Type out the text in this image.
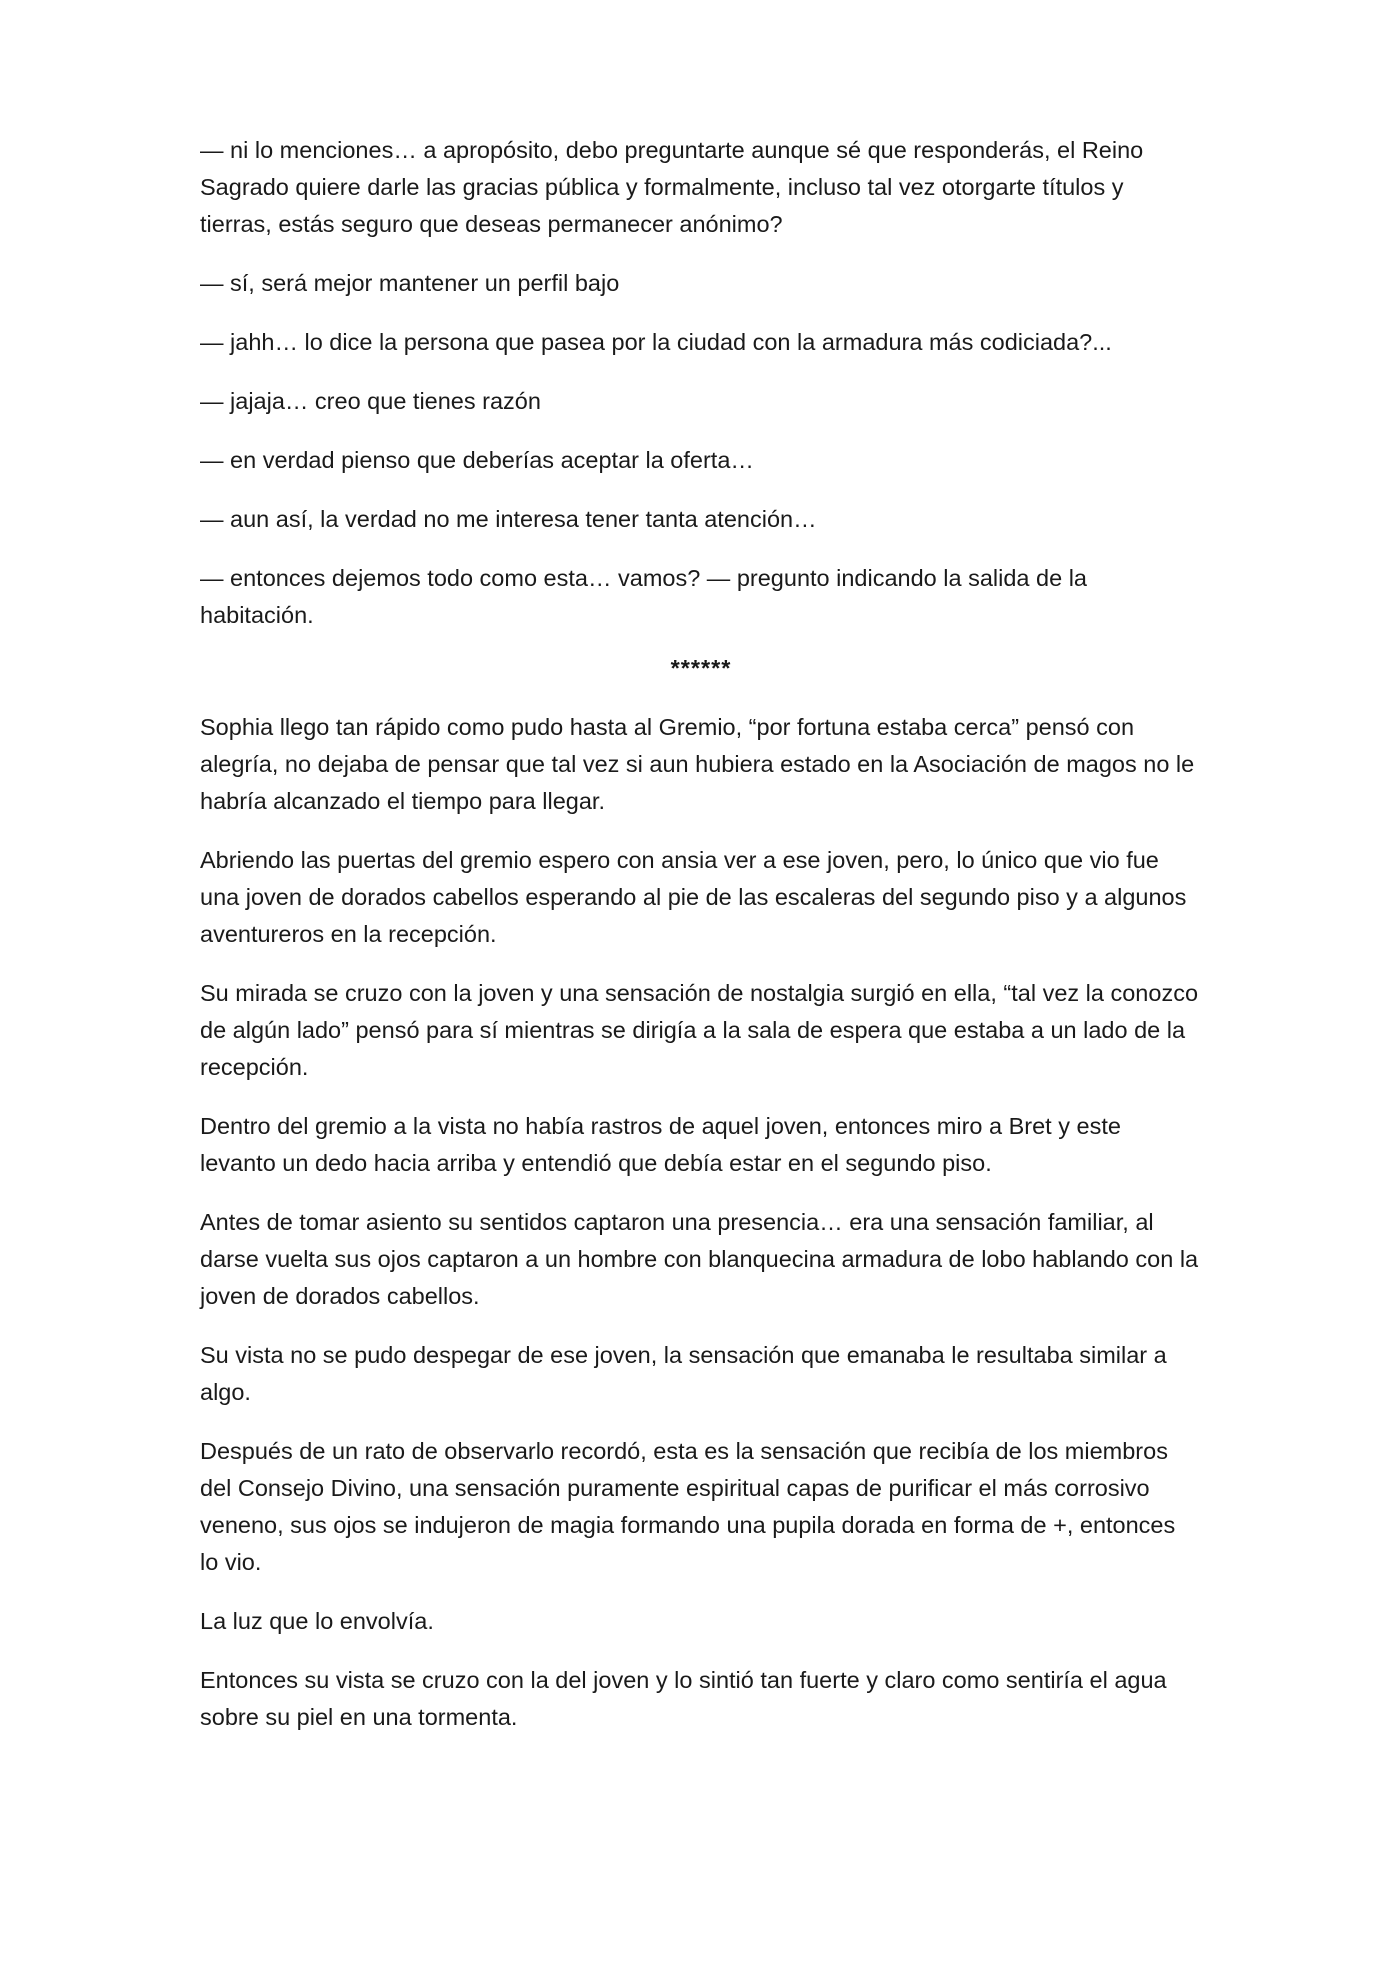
— ni lo menciones… a apropósito, debo preguntarte aunque sé que responderás, el Reino Sagrado quiere darle las gracias pública y formalmente, incluso tal vez otorgarte títulos y tierras, estás seguro que deseas permanecer anónimo?

— sí, será mejor mantener un perfil bajo

— jahh… lo dice la persona que pasea por la ciudad con la armadura más codiciada?...

— jajaja… creo que tienes razón

— en verdad pienso que deberías aceptar la oferta…

— aun así, la verdad no me interesa tener tanta atención…

— entonces dejemos todo como esta… vamos? — pregunto indicando la salida de la habitación.

******

Sophia llego tan rápido como pudo hasta al Gremio, “por fortuna estaba cerca” pensó con alegría, no dejaba de pensar que tal vez si aun hubiera estado en la Asociación de magos no le habría alcanzado el tiempo para llegar.

Abriendo las puertas del gremio espero con ansia ver a ese joven, pero, lo único que vio fue una joven de dorados cabellos esperando al pie de las escaleras del segundo piso y a algunos aventureros en la recepción.

Su mirada se cruzo con la joven y una sensación de nostalgia surgió en ella, “tal vez la conozco de algún lado” pensó para sí mientras se dirigía a la sala de espera que estaba a un lado de la recepción.

Dentro del gremio a la vista no había rastros de aquel joven, entonces miro a Bret y este levanto un dedo hacia arriba y entendió que debía estar en el segundo piso.

Antes de tomar asiento su sentidos captaron una presencia… era una sensación familiar, al darse vuelta sus ojos captaron a un hombre con blanquecina armadura de lobo hablando con la joven de dorados cabellos.

Su vista no se pudo despegar de ese joven, la sensación que emanaba le resultaba similar a algo.

Después de un rato de observarlo recordó, esta es la sensación que recibía de los miembros del Consejo Divino, una sensación puramente espiritual capas de purificar el más corrosivo veneno, sus ojos se indujeron de magia formando una pupila dorada en forma de +, entonces lo vio.

La luz que lo envolvía.

Entonces su vista se cruzo con la del joven y lo sintió tan fuerte y claro como sentiría el agua sobre su piel en una tormenta.
